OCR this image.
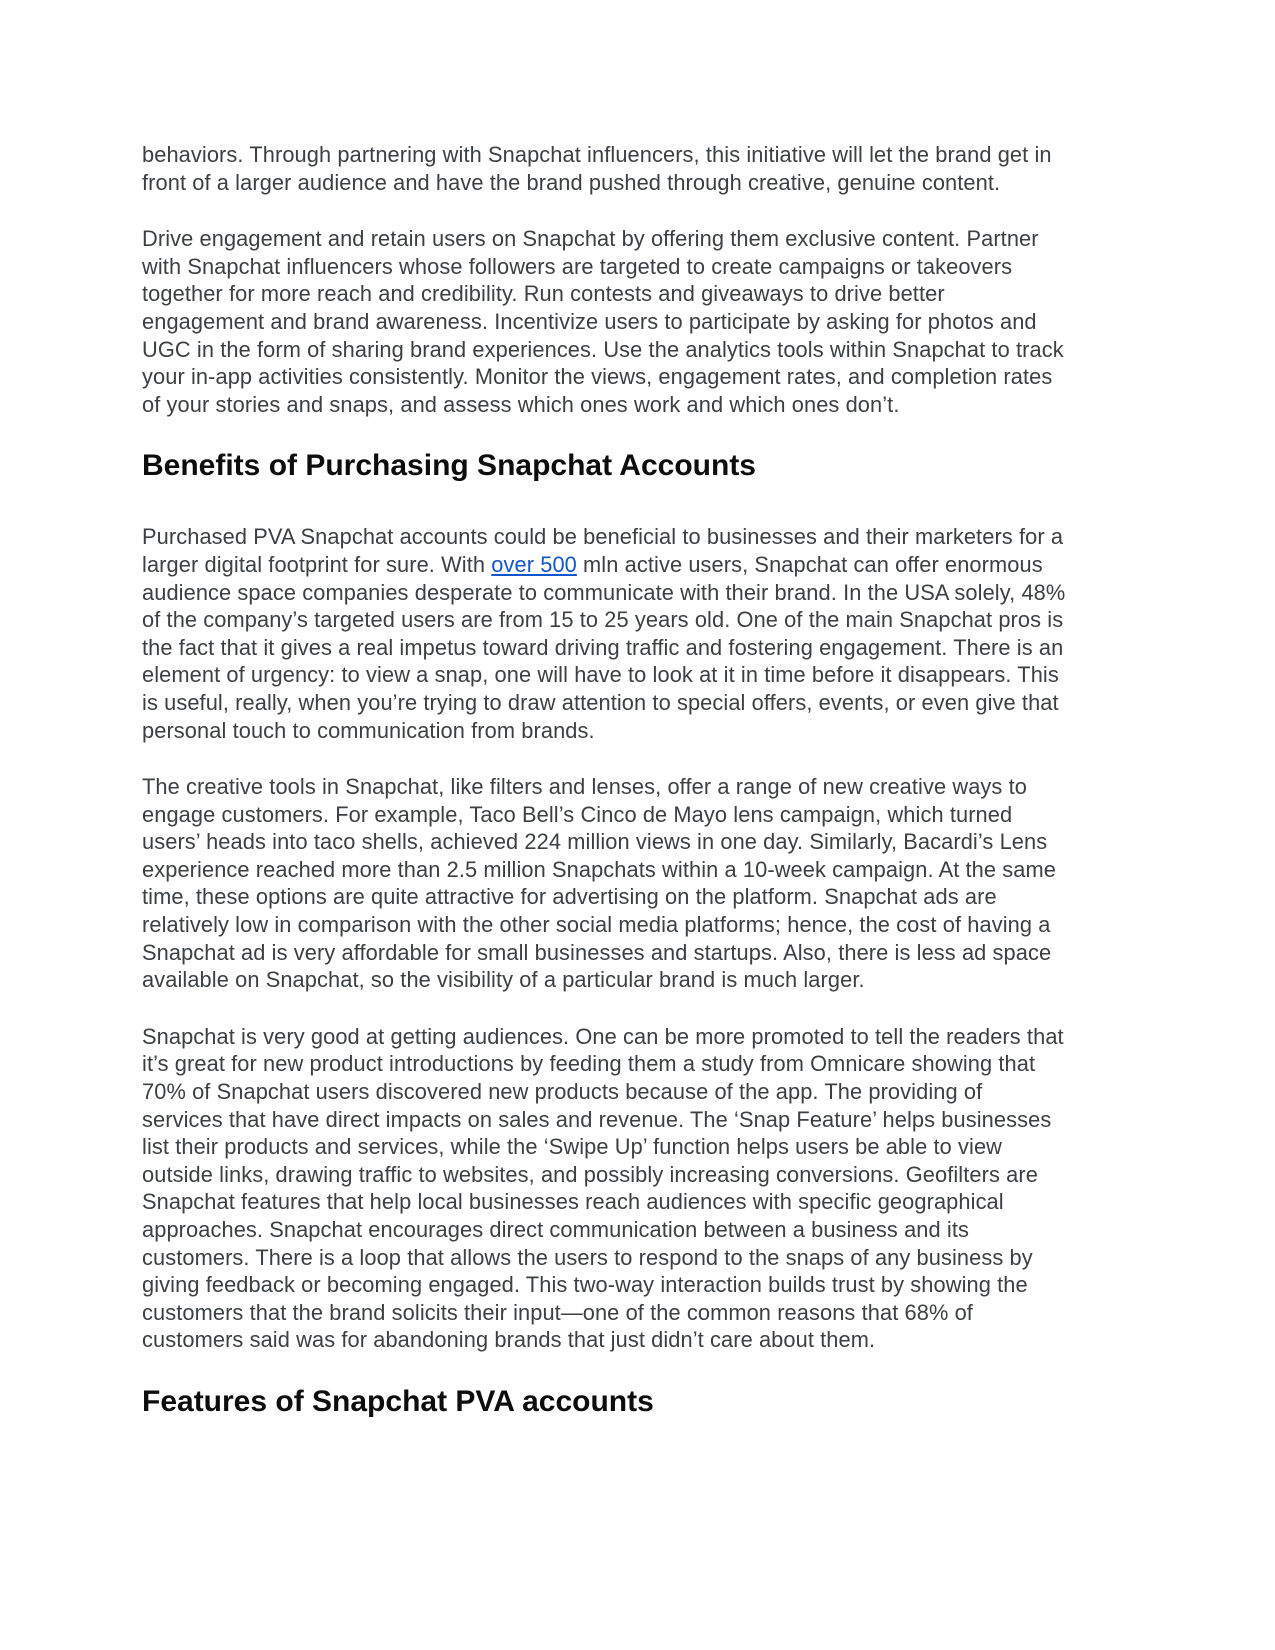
behaviors. Through partnering with Snapchat influencers, this initiative will let the brand get in front of a larger audience and have the brand pushed through creative, genuine content.

Drive engagement and retain users on Snapchat by offering them exclusive content. Partner with Snapchat influencers whose followers are targeted to create campaigns or takeovers together for more reach and credibility. Run contests and giveaways to drive better engagement and brand awareness. Incentivize users to participate by asking for photos and UGC in the form of sharing brand experiences. Use the analytics tools within Snapchat to track your in-app activities consistently. Monitor the views, engagement rates, and completion rates of your stories and snaps, and assess which ones work and which ones don’t.

Benefits of Purchasing Snapchat Accounts

Purchased PVA Snapchat accounts could be beneficial to businesses and their marketers for a larger digital footprint for sure. With over 500 mln active users, Snapchat can offer enormous audience space companies desperate to communicate with their brand. In the USA solely, 48% of the company’s targeted users are from 15 to 25 years old. One of the main Snapchat pros is the fact that it gives a real impetus toward driving traffic and fostering engagement. There is an element of urgency: to view a snap, one will have to look at it in time before it disappears. This is useful, really, when you’re trying to draw attention to special offers, events, or even give that personal touch to communication from brands.

The creative tools in Snapchat, like filters and lenses, offer a range of new creative ways to engage customers. For example, Taco Bell’s Cinco de Mayo lens campaign, which turned users’ heads into taco shells, achieved 224 million views in one day. Similarly, Bacardi’s Lens experience reached more than 2.5 million Snapchats within a 10-week campaign. At the same time, these options are quite attractive for advertising on the platform. Snapchat ads are relatively low in comparison with the other social media platforms; hence, the cost of having a Snapchat ad is very affordable for small businesses and startups. Also, there is less ad space available on Snapchat, so the visibility of a particular brand is much larger.

Snapchat is very good at getting audiences. One can be more promoted to tell the readers that it’s great for new product introductions by feeding them a study from Omnicare showing that 70% of Snapchat users discovered new products because of the app. The providing of services that have direct impacts on sales and revenue. The ‘Snap Feature’ helps businesses list their products and services, while the ‘Swipe Up’ function helps users be able to view outside links, drawing traffic to websites, and possibly increasing conversions. Geofilters are Snapchat features that help local businesses reach audiences with specific geographical approaches. Snapchat encourages direct communication between a business and its customers. There is a loop that allows the users to respond to the snaps of any business by giving feedback or becoming engaged. This two-way interaction builds trust by showing the customers that the brand solicits their input—one of the common reasons that 68% of customers said was for abandoning brands that just didn’t care about them.

Features of Snapchat PVA accounts
